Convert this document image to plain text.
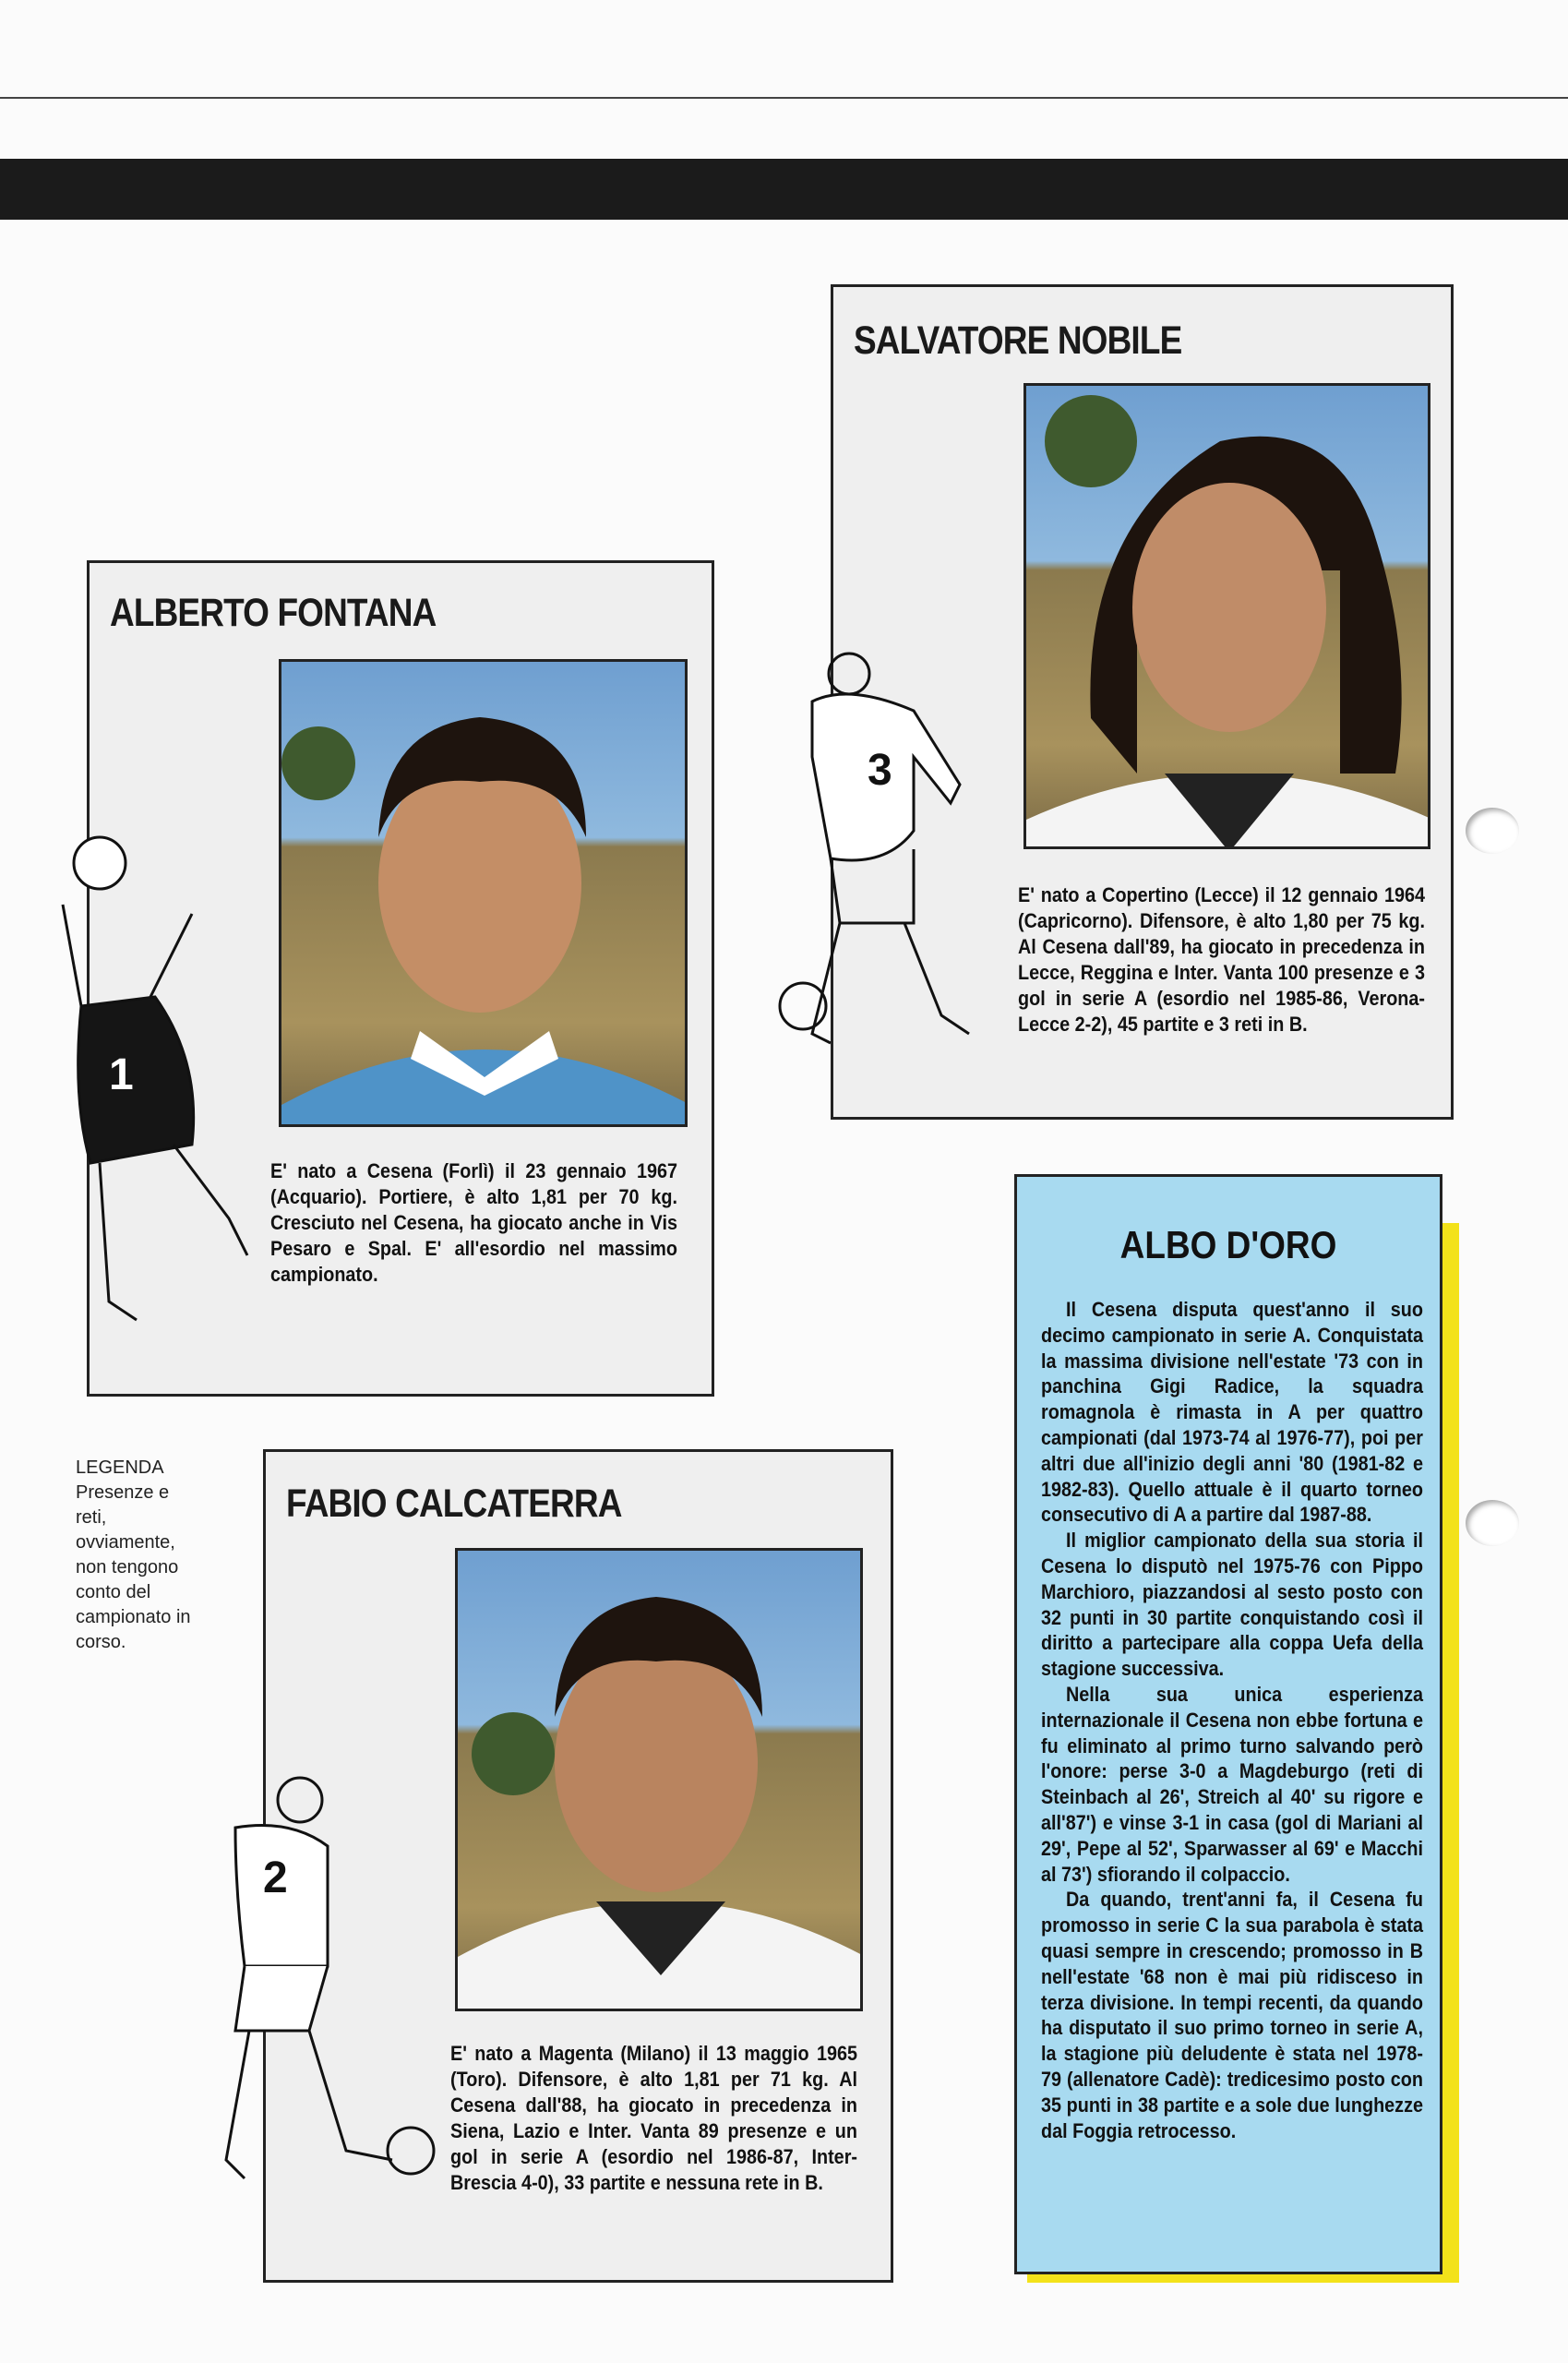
SALVATORE NOBILE

E' nato a Copertino (Lecce) il 12 gennaio 1964 (Capricorno). Difensore, è alto 1,80 per 75 kg. Al Cesena dall'89, ha giocato in precedenza in Lecce, Reggina e Inter. Vanta 100 presenze e 3 gol in serie A (esordio nel 1985-86, Verona-Lecce 2-2), 45 partite e 3 reti in B.

3
ALBERTO FONTANA

E' nato a Cesena (Forlì) il 23 gennaio 1967 (Acquario). Portiere, è alto 1,81 per 70 kg. Cresciuto nel Cesena, ha giocato anche in Vis Pesaro e Spal. E' all'esordio nel massimo campionato.

1
LEGENDA Presenze e reti, ovviamente, non tengono conto del campionato in corso.
FABIO CALCATERRA

E' nato a Magenta (Milano) il 13 maggio 1965 (Toro). Difensore, è alto 1,81 per 71 kg. Al Cesena dall'88, ha giocato in precedenza in Siena, Lazio e Inter. Vanta 89 presenze e un gol in serie A (esordio nel 1986-87, Inter-Brescia 4-0), 33 partite e nessuna rete in B.

2
ALBO D'ORO

Il Cesena disputa quest'anno il suo decimo campionato in serie A. Conquistata la massima divisione nell'estate '73 con in panchina Gigi Radice, la squadra romagnola è rimasta in A per quattro campionati (dal 1973-74 al 1976-77), poi per altri due all'inizio degli anni '80 (1981-82 e 1982-83). Quello attuale è il quarto torneo consecutivo di A a partire dal 1987-88.

Il miglior campionato della sua storia il Cesena lo disputò nel 1975-76 con Pippo Marchioro, piazzandosi al sesto posto con 32 punti in 30 partite conquistando così il diritto a partecipare alla coppa Uefa della stagione successiva.

Nella sua unica esperienza internazionale il Cesena non ebbe fortuna e fu eliminato al primo turno salvando però l'onore: perse 3-0 a Magdeburgo (reti di Steinbach al 26', Streich al 40' su rigore e all'87') e vinse 3-1 in casa (gol di Mariani al 29', Pepe al 52', Sparwasser al 69' e Macchi al 73') sfiorando il colpaccio.

Da quando, trent'anni fa, il Cesena fu promosso in serie C la sua parabola è stata quasi sempre in crescendo; promosso in B nell'estate '68 non è mai più ridisceso in terza divisione. In tempi recenti, da quando ha disputato il suo primo torneo in serie A, la stagione più deludente è stata nel 1978-79 (allenatore Cadè): tredicesimo posto con 35 punti in 38 partite e a sole due lunghezze dal Foggia retrocesso.
